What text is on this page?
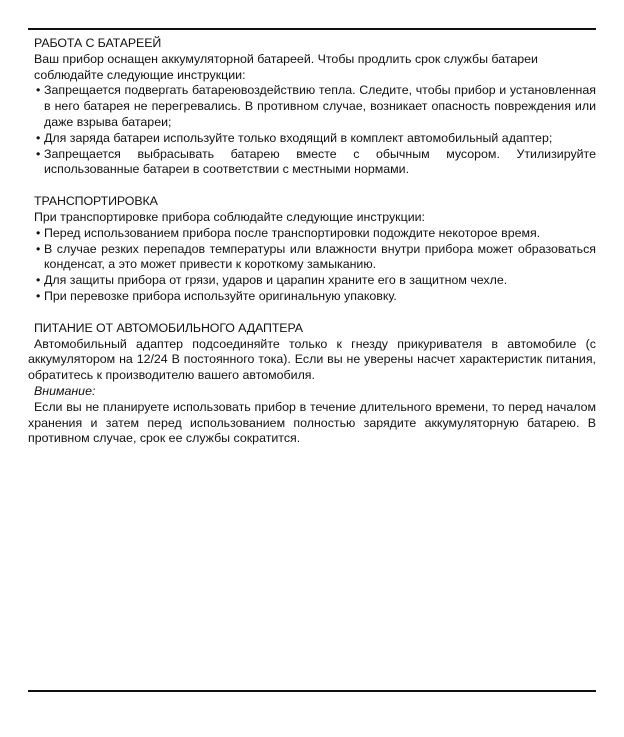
РАБОТА С БАТАРЕЕЙ

Ваш прибор оснащен аккумуляторной батареей. Чтобы продлить срок службы батареи соблюдайте следующие инструкции:

• Запрещается подвергать батареювоздействию тепла. Следите, чтобы прибор и установленная в него батарея не перегревались. В противном случае, возникает опасность повреждения или даже взрыва батареи;
• Для заряда батареи используйте только входящий в комплект автомобильный адаптер;
• Запрещается выбрасывать батарею вместе с обычным мусором. Утилизируйте использованные батареи в соответствии с местными нормами.
ТРАНСПОРТИРОВКА

При транспортировке прибора соблюдайте следующие инструкции:

• Перед использованием прибора после транспортировки подождите некоторое время.
• В случае резких перепадов температуры или влажности внутри прибора может образоваться конденсат, а это может привести к короткому замыканию.
• Для защиты прибора от грязи, ударов и царапин храните его в защитном чехле.
• При перевозке прибора используйте оригинальную упаковку.
ПИТАНИЕ ОТ АВТОМОБИЛЬНОГО АДАПТЕРА

Автомобильный адаптер подсоединяйте только к гнезду прикуривателя в автомобиле (с аккумулятором на 12/24 В постоянного тока). Если вы не уверены насчет характеристик питания, обратитесь к производителю вашего автомобиля.

Внимание:

Если вы не планируете использовать прибор в течение длительного времени, то перед началом хранения и затем перед использованием полностью зарядите аккумуляторную батарею. В противном случае, срок ее службы сократится.
